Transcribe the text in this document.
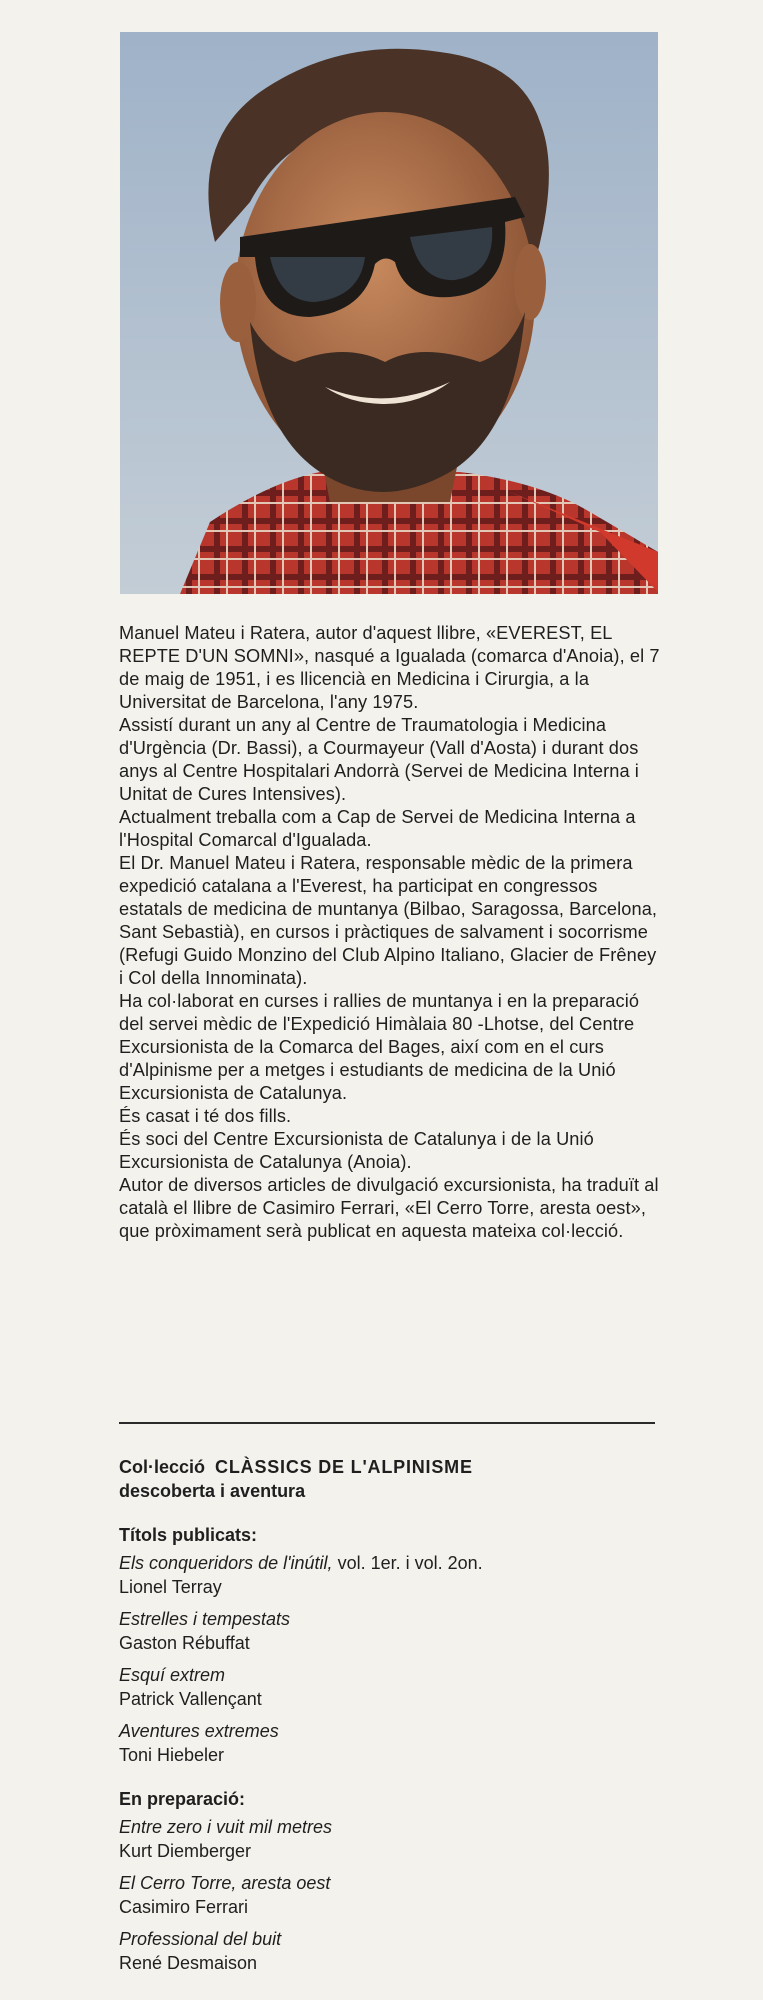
Manuel Mateu i Ratera, autor d'aquest llibre, «EVEREST, EL REPTE D'UN SOMNI», nasqué a Igualada (comarca d'Anoia), el 7 de maig de 1951, i es llicencià en Medicina i Cirurgia, a la Universitat de Barcelona, l'any 1975.

Assistí durant un any al Centre de Traumatologia i Medicina d'Urgència (Dr. Bassi), a Courmayeur (Vall d'Aosta) i durant dos anys al Centre Hospitalari Andorrà (Servei de Medicina Interna i Unitat de Cures Intensives).

Actualment treballa com a Cap de Servei de Medicina Interna a l'Hospital Comarcal d'Igualada.

El Dr. Manuel Mateu i Ratera, responsable mèdic de la primera expedició catalana a l'Everest, ha participat en congressos estatals de medicina de muntanya (Bilbao, Saragossa, Barcelona, Sant Sebastià), en cursos i pràctiques de salvament i socorrisme (Refugi Guido Monzino del Club Alpino Italiano, Glacier de Frêney i Col della Innominata).

Ha col·laborat en curses i rallies de muntanya i en la preparació del servei mèdic de l'Expedició Himàlaia 80 -Lhotse, del Centre Excursionista de la Comarca del Bages, així com en el curs d'Alpinisme per a metges i estudiants de medicina de la Unió Excursionista de Catalunya.

És casat i té dos fills.

És soci del Centre Excursionista de Catalunya i de la Unió Excursionista de Catalunya (Anoia).

Autor de diversos articles de divulgació excursionista, ha traduït al català el llibre de Casimiro Ferrari, «El Cerro Torre, aresta oest», que pròximament serà publicat en aquesta mateixa col·lecció.

Col·lecció CLÀSSICS DE L'ALPINISME

descoberta i aventura

Títols publicats:

Els conqueridors de l'inútil, vol. 1er. i vol. 2on.
Lionel Terray
Estrelles i tempestats
Gaston Rébuffat
Esquí extrem
Patrick Vallençant
Aventures extremes
Toni Hiebeler

En preparació:

Entre zero i vuit mil metres
Kurt Diemberger
El Cerro Torre, aresta oest
Casimiro Ferrari
Professional del buit
René Desmaison
